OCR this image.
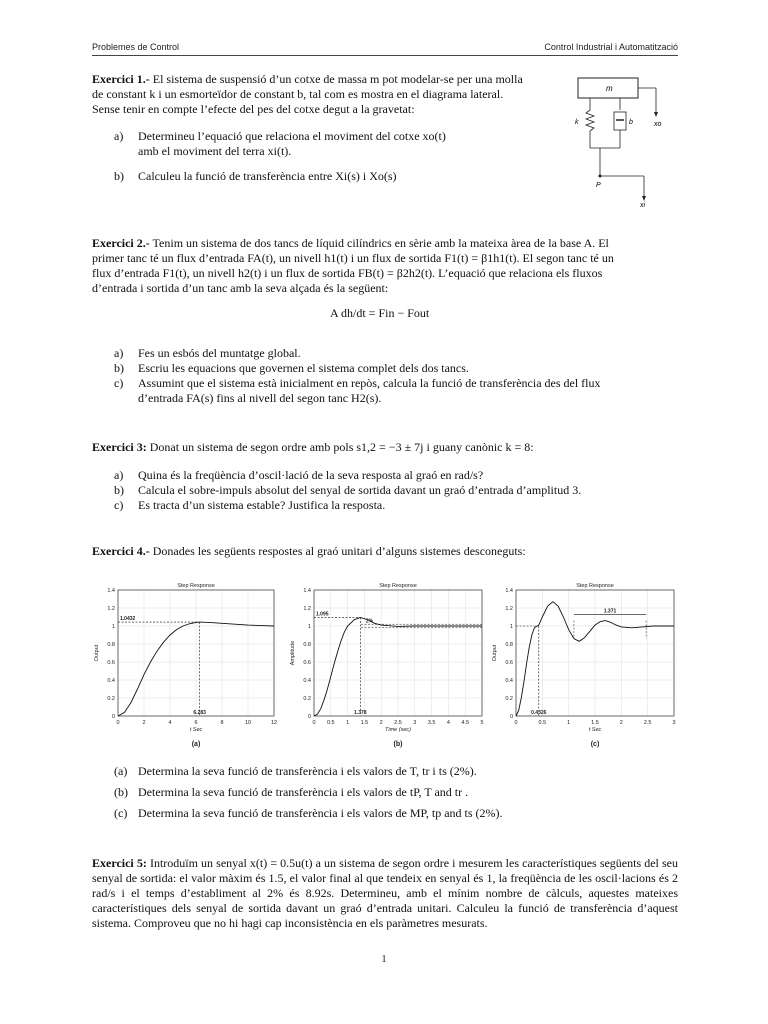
Problemes de Control	Control Industrial i Automatització

Exercici 1.- El sistema de suspensió d’un cotxe de massa m pot modelar-se per una molla

de constant k i un esmorteïdor de constant b, tal com es mostra en el diagrama lateral.

Sense tenir en compte l’efecte del pes del cotxe degut a la gravetat:

a) Determineu l’equació que relaciona el moviment del cotxe xo(t)
amb el moviment del terra xi(t).
b) Calculeu la funció de transferència entre Xi(s) i Xo(s)
m
xo
k	b
P
xi

Exercici 2.- Tenim un sistema de dos tancs de líquid cilíndrics en sèrie amb la mateixa àrea de la base A. El

primer tanc té un flux d’entrada FA(t), un nivell h1(t) i un flux de sortida F1(t) = β1h1(t). El segon tanc té un

flux d’entrada F1(t), un nivell h2(t) i un flux de sortida FB(t) = β2h2(t). L’equació que relaciona els fluxos

d’entrada i sortida d’un tanc amb la seva alçada és la següent:

A dh/dt = Fin − Fout
a) Fes un esbós del muntatge global.
b) Escriu les equacions que governen el sistema complet dels dos tancs.
c) Assumint que el sistema està inicialment en repòs, calcula la funció de transferència des del flux
d’entrada FA(s) fins al nivell del segon tanc H2(s).

Exercici 3: Donat un sistema de segon ordre amb pols s1,2 = −3 ± 7j i guany canònic k = 8:

a) Quina és la freqüència d’oscil·lació de la seva resposta al graó en rad/s?
b) Calcula el sobre-impuls absolut del senyal de sortida davant un graó d’entrada d’amplitud 3.
c) Es tracta d’un sistema estable? Justifica la resposta.

Exercici 4.- Donades les següents respostes al graó unitari d’alguns sistemes desconeguts:

0	2	4	6	8	10	12
0
0.2
0.4
0.6
0.8
1
1.2
1.4
Step Response
t Sec
Output
1.0432
6.283
(a)
0 0.5 1 1.5 2 2.5 3 3.5 4 4.5 5
0
0.2
0.4
0.6
0.8
1
1.2
1.4
Step Response
Time (sec)
Amplitude
1.095
1.378
2%
(b)
0	0.5	1	1.5	2	2.5	3
0
0.2
0.4
0.6
0.8
1
1.2
1.4
Step Response
t Sec
Output
0.4326
1.371
(c)
(a) Determina la seva funció de transferència i els valors de T, tr i ts (2%).
(b) Determina la seva funció de transferència i els valors de tP, T and tr .
(c) Determina la seva funció de transferència i els valors de MP, tp and ts (2%).

Exercici 5: Introduïm un senyal x(t) = 0.5u(t) a un sistema de segon ordre i mesurem les característiques següents del seu senyal de sortida: el valor màxim és 1.5, el valor final al que tendeix en senyal és 1, la freqüència de les oscil·lacions és 2 rad/s i el temps d’establiment al 2% és 8.92s. Determineu, amb el mínim nombre de càlculs, aquestes mateixes característiques dels senyal de sortida davant un graó d’entrada unitari. Calculeu la funció de transferència d’aquest sistema. Comproveu que no hi hagi cap inconsistència en els paràmetres mesurats.

1
